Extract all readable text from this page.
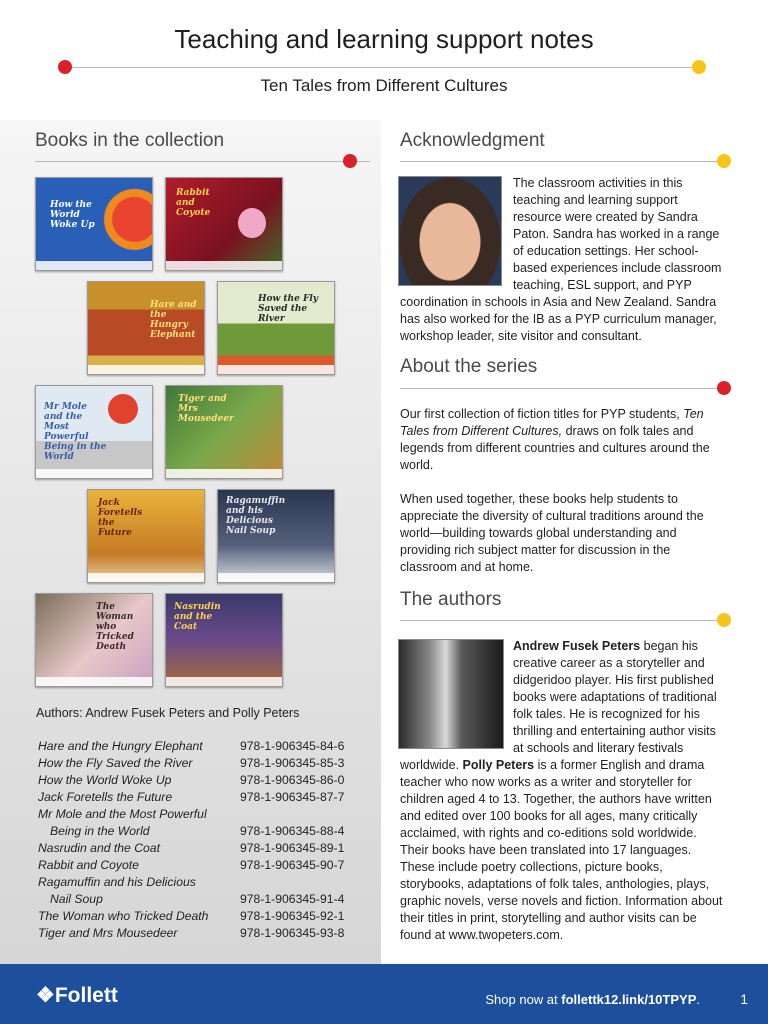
Teaching and learning support notes
Ten Tales from Different Cultures
Books in the collection
How the World Woke Up
Rabbit and Coyote
Hare and the Hungry Elephant
How the Fly Saved the River
Mr Mole and the Most Powerful Being in the World
Tiger and Mrs Mousedeer
Jack Foretells the Future
Ragamuffin and his Delicious Nail Soup
The Woman who Tricked Death
Nasrudin and the Coat
Authors: Andrew Fusek Peters and Polly Peters
Hare and the Hungry Elephant	978-1-906345-84-6
How the Fly Saved the River	978-1-906345-85-3
How the World Woke Up	978-1-906345-86-0
Jack Foretells the Future	978-1-906345-87-7
Mr Mole and the Most Powerful
Being in the World	978-1-906345-88-4
Nasrudin and the Coat	978-1-906345-89-1
Rabbit and Coyote	978-1-906345-90-7
Ragamuffin and his Delicious
Nail Soup	978-1-906345-91-4
The Woman who Tricked Death	978-1-906345-92-1
Tiger and Mrs Mousedeer	978-1-906345-93-8
Acknowledgment
The classroom activities in this teaching and learning support resource were created by Sandra Paton. Sandra has worked in a range of education settings. Her school-based experiences include classroom teaching, ESL support, and PYP coordination in schools in Asia and New Zealand. Sandra has also worked for the IB as a PYP curriculum manager, workshop leader, site visitor and consultant.
About the series
Our first collection of fiction titles for PYP students, Ten Tales from Different Cultures, draws on folk tales and legends from different countries and cultures around the world.
When used together, these books help students to appreciate the diversity of cultural traditions around the world—building towards global understanding and providing rich subject matter for discussion in the classroom and at home.
The authors
Andrew Fusek Peters began his creative career as a storyteller and didgeridoo player. His first published books were adaptations of traditional folk tales. He is recognized for his thrilling and entertaining author visits at schools and literary festivals worldwide. Polly Peters is a former English and drama teacher who now works as a writer and storyteller for children aged 4 to 13. Together, the authors have written and edited over 100 books for all ages, many critically acclaimed, with rights and co-editions sold worldwide. Their books have been translated into 17 languages. These include poetry collections, picture books, storybooks, adaptations of folk tales, anthologies, plays, graphic novels, verse novels and fiction. Information about their titles in print, storytelling and author visits can be found at www.twopeters.com.
❖Follett	Shop now at follettk12.link/10TPYP.	1
